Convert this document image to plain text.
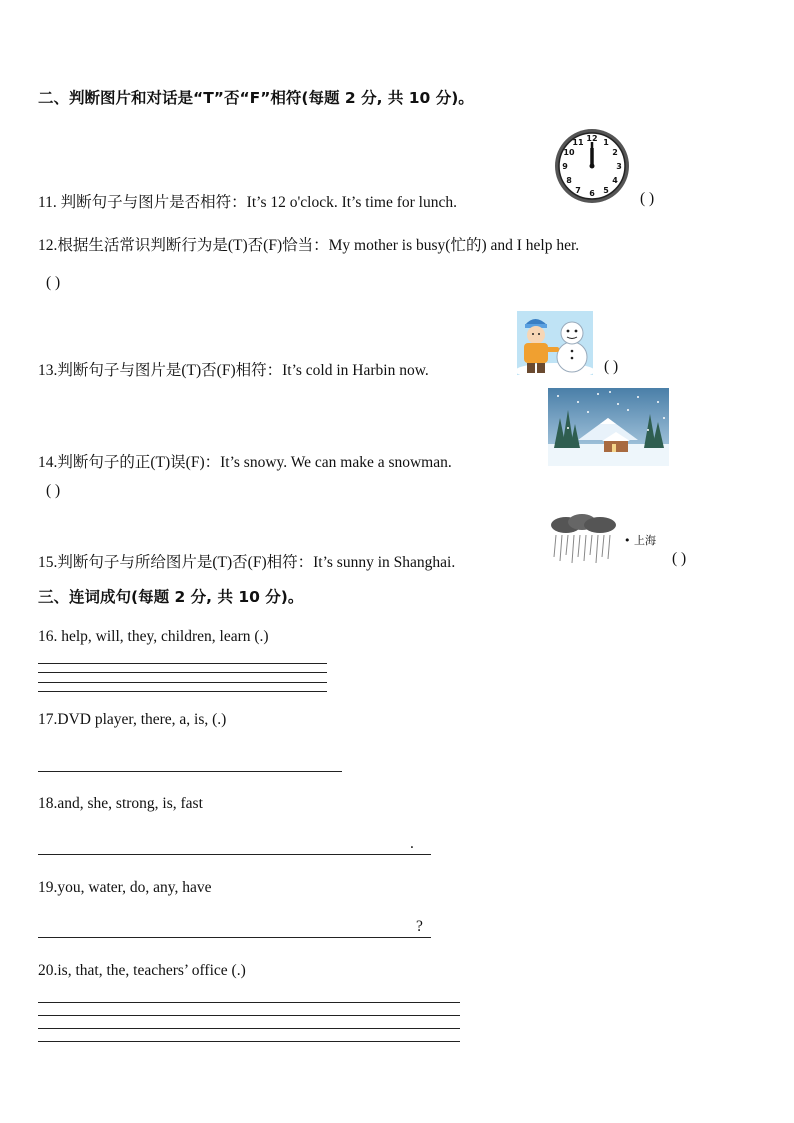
二、判断图片和对话是“T”否“F”相符(每题 2 分, 共 10 分)。
11. 判断句子与图片是否相符：It’s 12 o'clock. It’s time for lunch.
12
3
6
9
1
2
4
5
7
8
10
11
( )
12.根据生活常识判断行为是(T)否(F)恰当：My mother is busy(忙的) and I help her.
( )
13.判断句子与图片是(T)否(F)相符：It’s cold in Harbin now.	( )
14.判断句子的正(T)误(F)：It’s snowy. We can make a snowman.
( )
15.判断句子与所给图片是(T)否(F)相符：It’s sunny in Shanghai.
• 上海
( )
三、连词成句(每题 2 分, 共 10 分)。
16. help, will, they, children, learn (.)
17.DVD player, there, a, is, (.)
18.and, she, strong, is, fast
.
19.you, water, do, any, have
?
20.is, that, the, teachers’ office (.)
